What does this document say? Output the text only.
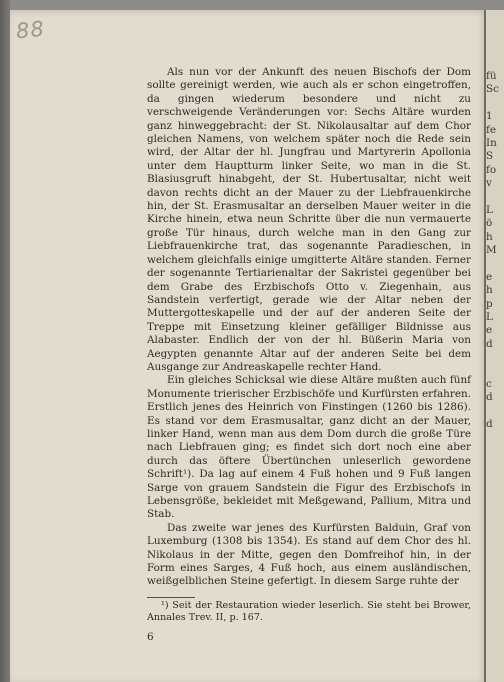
88

Als nun vor der Ankunft des neuen Bischofs der Dom sollte gereinigt werden, wie auch als er schon eingetroffen, da gingen wiederum besondere und nicht zu verschweigende Veränderungen vor: Sechs Altäre wurden ganz hinweggebracht: der St. Nikolausaltar auf dem Chor gleichen Namens, von welchem später noch die Rede sein wird, der Altar der hl. Jungfrau und Martyrerin Apollonia unter dem Hauptturm linker Seite, wo man in die St. Blasiusgruft hinabgeht, der St. Hubertusaltar, nicht weit davon rechts dicht an der Mauer zu der Liebfrauenkirche hin, der St. Erasmusaltar an derselben Mauer weiter in die Kirche hinein, etwa neun Schritte über die nun vermauerte große Tür hinaus, durch welche man in den Gang zur Liebfrauenkirche trat, das sogenannte Paradieschen, in welchem gleichfalls einige umgitterte Altäre standen. Ferner der sogenannte Tertiarienaltar der Sakristei gegenüber bei dem Grabe des Erzbischofs Otto v. Ziegenhain, aus Sandstein verfertigt, gerade wie der Altar neben der Muttergotteskapelle und der auf der anderen Seite der Treppe mit Einsetzung kleiner gefälliger Bildnisse aus Alabaster. Endlich der von der hl. Büßerin Maria von Aegypten genannte Altar auf der anderen Seite bei dem Ausgange zur Andreaskapelle rechter Hand.

Ein gleiches Schicksal wie diese Altäre mußten auch fünf Monumente trierischer Erzbischöfe und Kurfürsten erfahren. Erstlich jenes des Heinrich von Finstingen (1260 bis 1286). Es stand vor dem Erasmusaltar, ganz dicht an der Mauer, linker Hand, wenn man aus dem Dom durch die große Türe nach Liebfrauen ging; es findet sich dort noch eine aber durch das öftere Übertünchen unleserlich gewordene Schrift¹). Da lag auf einem 4 Fuß hohen und 9 Fuß langen Sarge von grauem Sandstein die Figur des Erzbischofs in Lebensgröße, bekleidet mit Meßgewand, Pallium, Mitra und Stab.

Das zweite war jenes des Kurfürsten Balduin, Graf von Luxemburg (1308 bis 1354). Es stand auf dem Chor des hl. Nikolaus in der Mitte, gegen den Domfreihof hin, in der Form eines Sarges, 4 Fuß hoch, aus einem ausländischen, weißgelblichen Steine gefertigt. In diesem Sarge ruhte der

¹) Seit der Restauration wieder leserlich. Sie steht bei Brower, Annales Trev. II, p. 167.

6
fü
Sc
1
fe
In
S
fo
v
L
ö
h
M
e
h
p
L
e
d
c
d
d
